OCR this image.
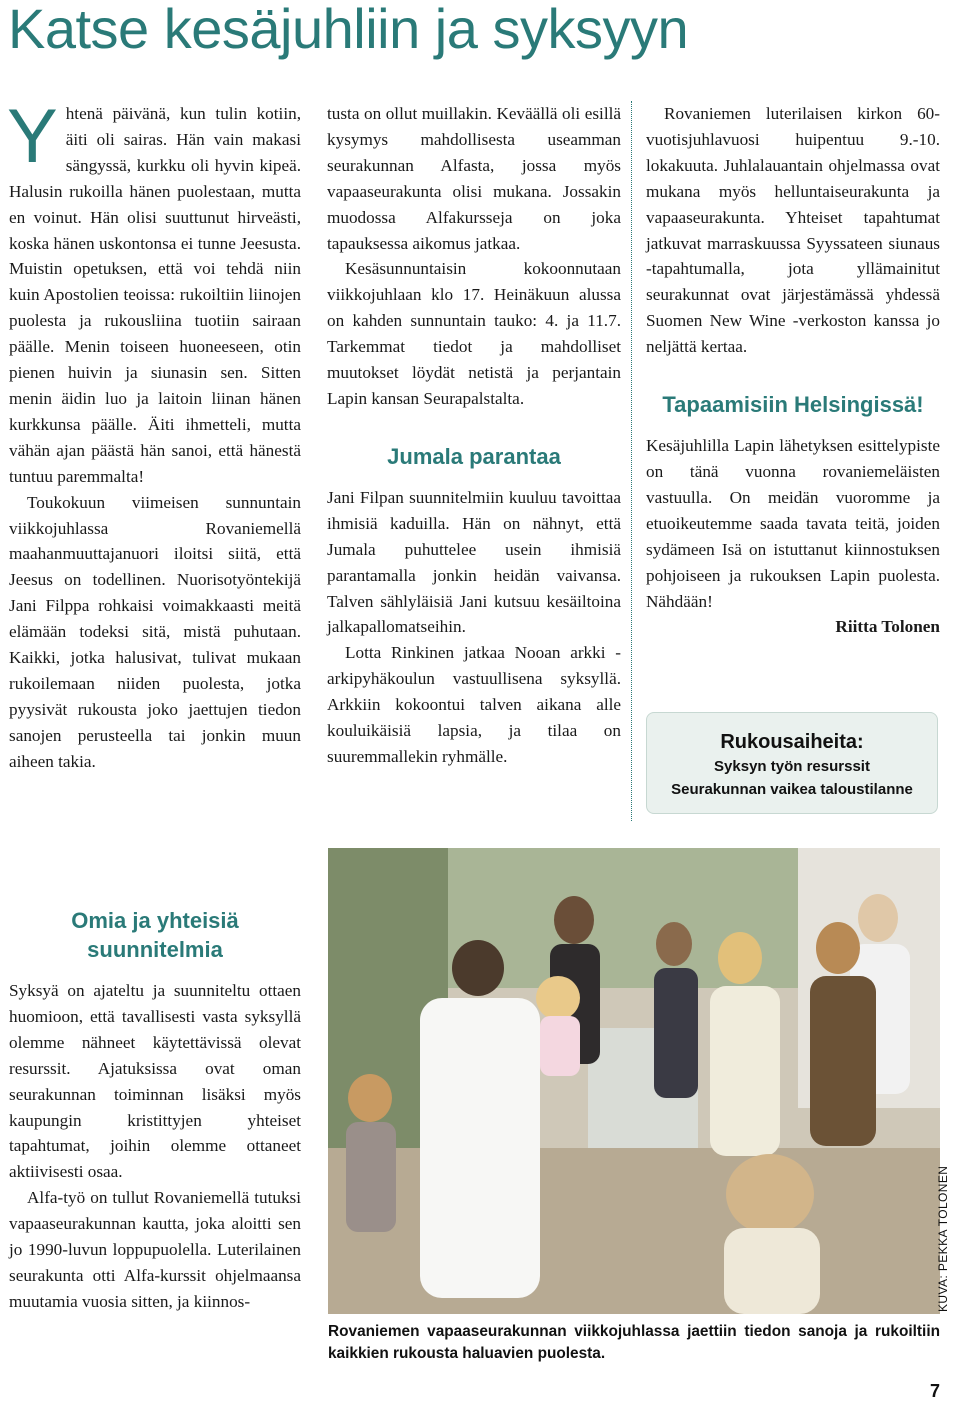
Katse kesäjuhliin ja syksyyn
Y htenä päivänä, kun tulin kotiin, äiti oli sairas. Hän vain makasi sängyssä, kurkku oli hyvin kipeä. Halusin rukoilla hänen puolestaan, mutta en voinut. Hän olisi suuttunut hirveästi, koska hänen uskontonsa ei tunne Jeesusta. Muistin opetuksen, että voi tehdä niin kuin Apostolien teoissa: rukoiltiin liinojen puolesta ja rukousliina tuotiin sairaan päälle. Menin toiseen huoneeseen, otin pienen huivin ja siunasin sen. Sitten menin äidin luo ja laitoin liinan hänen kurkkunsa päälle. Äiti ihmetteli, mutta vähän ajan päästä hän sanoi, että hänestä tuntuu paremmalta!

Toukokuun viimeisen sunnuntain viikkojuhlassa Rovaniemellä maahanmuuttajanuori iloitsi siitä, että Jeesus on todellinen. Nuorisotyöntekijä Jani Filppa rohkaisi voimakkaasti meitä elämään todeksi sitä, mistä puhutaan. Kaikki, jotka halusivat, tulivat mukaan rukoilemaan niiden puolesta, jotka pyysivät rukousta joko jaettujen tiedon sanojen perusteella tai jonkin muun aiheen takia.

Omia ja yhteisiä suunnitelmia

Syksyä on ajateltu ja suunniteltu ottaen huomioon, että tavallisesti vasta syksyllä olemme nähneet käytettävissä olevat resurssit. Ajatuksissa ovat oman seurakunnan toiminnan lisäksi myös kaupungin kristittyjen yhteiset tapahtumat, joihin olemme ottaneet aktiivisesti osaa.

Alfa-työ on tullut Rovaniemellä tutuksi vapaaseurakunnan kautta, joka aloitti sen jo 1990-luvun loppupuolella. Luterilainen seurakunta otti Alfa-kurssit ohjelmaansa muutamia vuosia sitten, ja kiinnos-

tusta on ollut muillakin. Keväällä oli esillä kysymys mahdollisesta useamman seurakunnan Alfasta, jossa myös vapaaseurakunta olisi mukana. Jossakin muodossa Alfakursseja on joka tapauksessa aikomus jatkaa.

Kesäsunnuntaisin kokoonnutaan viikkojuhlaan klo 17. Heinäkuun alussa on kahden sunnuntain tauko: 4. ja 11.7. Tarkemmat tiedot ja mahdolliset muutokset löydät netistä ja perjantain Lapin kansan Seurapalstalta.

Jumala parantaa

Jani Filpan suunnitelmiin kuuluu tavoittaa ihmisiä kaduilla. Hän on nähnyt, että Jumala puhuttelee usein ihmisiä parantamalla jonkin heidän vaivansa. Talven sählyläisiä Jani kutsuu kesäiltoina jalkapallomatseihin.

Lotta Rinkinen jatkaa Nooan arkki -arkipyhäkoulun vastuullisena syksyllä. Arkkiin kokoontui talven aikana alle kouluikäisiä lapsia, ja tilaa on suuremmallekin ryhmälle.

Rovaniemen luterilaisen kirkon 60-vuotisjuhlavuosi huipentuu 9.-10. lokakuuta. Juhlalauantain ohjelmassa ovat mukana myös helluntaiseurakunta ja vapaaseurakunta. Yhteiset tapahtumat jatkuvat marraskuussa Syyssateen siunaus -tapahtumalla, jota yllämainitut seurakunnat ovat järjestämässä yhdessä Suomen New Wine -verkoston kanssa jo neljättä kertaa.

Tapaamisiin Helsingissä!

Kesäjuhlilla Lapin lähetyksen esittelypiste on tänä vuonna rovaniemeläisten vastuulla. On meidän vuoromme ja etuoikeutemme saada tavata teitä, joiden sydämeen Isä on istuttanut kiinnostuksen pohjoiseen ja rukouksen Lapin puolesta. Nähdään!

Riitta Tolonen

Rukousaiheita:
Syksyn työn resurssit
Seurakunnan vaikea taloustilanne
KUVA: PEKKA TOLONEN
Rovaniemen vapaaseurakunnan viikkojuhlassa jaettiin tiedon sanoja ja rukoiltiin kaikkien rukousta haluavien puolesta.
7
